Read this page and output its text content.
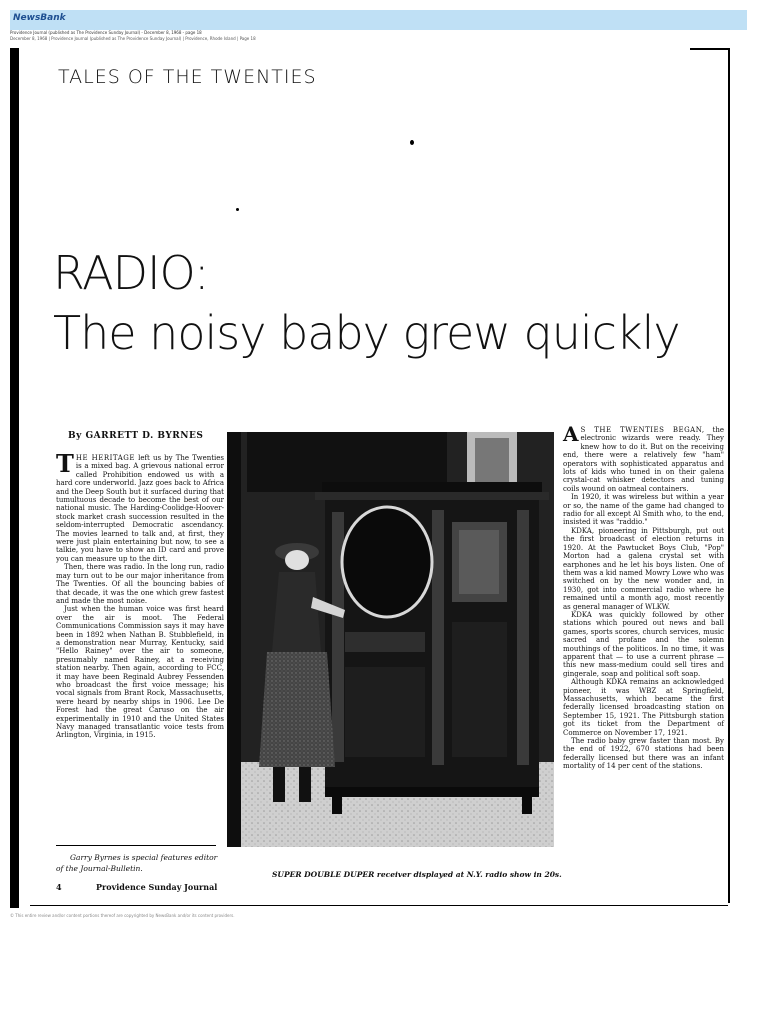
NewsBank
Providence Journal (published as The Providence Sunday Journal) - December 8, 1968 - page 18
December 8, 1968 | Providence Journal (published as The Providence Sunday Journal) | Providence, Rhode Island | Page 18
TALES OF THE TWENTIES
RADIO:
The noisy baby grew quickly
By GARRETT D. BYRNES

THE HERITAGE left us by The Twenties is a mixed bag. A grievous national error called Prohibition endowed us with a hard core underworld. Jazz goes back to Africa and the Deep South but it surfaced during that tumultuous decade to become the best of our national music. The Harding-Coolidge-Hoover-stock market crash succession resulted in the seldom-interrupted Democratic ascendancy. The movies learned to talk and, at first, they were just plain entertaining but now, to see a talkie, you have to show an ID card and prove you can measure up to the dirt.

Then, there was radio. In the long run, radio may turn out to be our major inheritance from The Twenties. Of all the bouncing babies of that decade, it was the one which grew fastest and made the most noise.

Just when the human voice was first heard over the air is moot. The Federal Communications Commission says it may have been in 1892 when Nathan B. Stubblefield, in a demonstration near Murray, Kentucky, said "Hello Rainey" over the air to someone, presumably named Rainey, at a receiving station nearby. Then again, according to FCC, it may have been Reginald Aubrey Fessenden who broadcast the first voice message; his vocal signals from Brant Rock, Massachusetts, were heard by nearby ships in 1906. Lee De Forest had the great Caruso on the air experimentally in 1910 and the United States Navy managed transatlantic voice tests from Arlington, Virginia, in 1915.

Garry Byrnes is special features editor of the Journal-Bulletin.
4	Providence Sunday Journal
SUPER DOUBLE DUPER receiver displayed at N.Y. radio show in 20s.

A S THE TWENTIES BEGAN, the electronic wizards were ready. They knew how to do it. But on the receiving end, there were a relatively few "ham" operators with sophisticated apparatus and lots of kids who tuned in on their galena crystal-cat whisker detectors and tuning coils wound on oatmeal containers.

In 1920, it was wireless but within a year or so, the name of the game had changed to radio for all except Al Smith who, to the end, insisted it was "raddio."

KDKA, pioneering in Pittsburgh, put out the first broadcast of election returns in 1920. At the Pawtucket Boys Club, "Pop" Morton had a galena crystal set with earphones and he let his boys listen. One of them was a kid named Mowry Lowe who was switched on by the new wonder and, in 1930, got into commercial radio where he remained until a month ago, most recently as general manager of WLKW.

KDKA was quickly followed by other stations which poured out news and ball games, sports scores, church services, music sacred and profane and the solemn mouthings of the politicos. In no time, it was apparent that — to use a current phrase — this new mass-medium could sell tires and gingerale, soap and political soft soap.

Although KDKA remains an acknowledged pioneer, it was WBZ at Springfield, Massachusetts, which became the first federally licensed broadcasting station on September 15, 1921. The Pittsburgh station got its ticket from the Department of Commerce on November 17, 1921.

The radio baby grew faster than most. By the end of 1922, 670 stations had been federally licensed but there was an infant mortality of 14 per cent of the stations.

© This entire review and/or content portions thereof are copyrighted by NewsBank and/or its content providers.
